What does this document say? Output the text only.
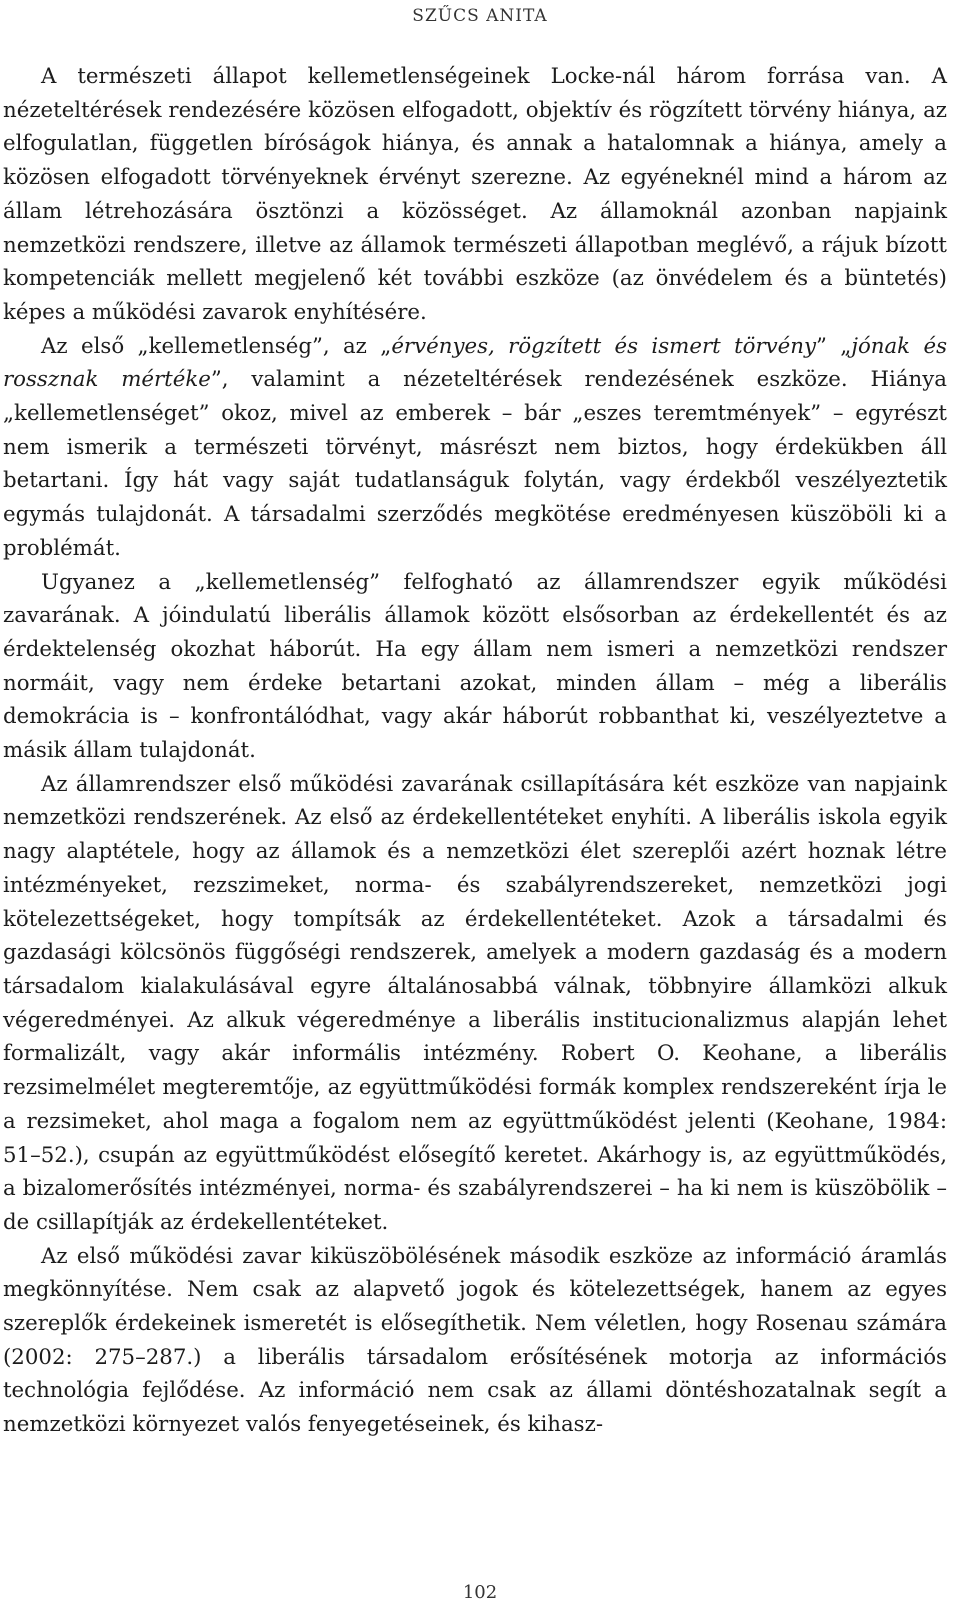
SZŰCS ANITA

A természeti állapot kellemetlenségeinek Locke-nál három forrása van. A nézeteltérések rendezésére közösen elfogadott, objektív és rögzített törvény hiánya, az elfogulatlan, független bíróságok hiánya, és annak a hatalomnak a hiánya, amely a közösen elfogadott törvényeknek érvényt szerezne. Az egyéneknél mind a három az állam létrehozására ösztönzi a közösséget. Az államoknál azonban napjaink nemzetközi rendszere, illetve az államok természeti állapotban meglévő, a rájuk bízott kompetenciák mellett megjelenő két további eszköze (az önvédelem és a büntetés) képes a működési zavarok enyhítésére.

Az első „kellemetlenség”, az „érvényes, rögzített és ismert törvény” „jónak és rossznak mértéke”, valamint a nézeteltérések rendezésének eszköze. Hiánya „kellemetlenséget” okoz, mivel az emberek – bár „eszes teremtmények” – egyrészt nem ismerik a természeti törvényt, másrészt nem biztos, hogy érdekükben áll betartani. Így hát vagy saját tudatlanságuk folytán, vagy érdekből veszélyeztetik egymás tulajdonát. A társadalmi szerződés megkötése eredményesen küszöböli ki a problémát.

Ugyanez a „kellemetlenség” felfogható az államrendszer egyik működési zavarának. A jóindulatú liberális államok között elsősorban az érdekellentét és az érdektelenség okozhat háborút. Ha egy állam nem ismeri a nemzetközi rendszer normáit, vagy nem érdeke betartani azokat, minden állam – még a liberális demokrácia is – konfrontálódhat, vagy akár háborút robbanthat ki, veszélyeztetve a másik állam tulajdonát.

Az államrendszer első működési zavarának csillapítására két eszköze van napjaink nemzetközi rendszerének. Az első az érdekellentéteket enyhíti. A liberális iskola egyik nagy alaptétele, hogy az államok és a nemzetközi élet szereplői azért hoznak létre intézményeket, rezszimeket, norma- és szabályrendszereket, nemzetközi jogi kötelezettségeket, hogy tompítsák az érdekellentéteket. Azok a társadalmi és gazdasági kölcsönös függőségi rendszerek, amelyek a modern gazdaság és a modern társadalom kialakulásával egyre általánosabbá válnak, többnyire államközi alkuk végeredményei. Az alkuk végeredménye a liberális institucionalizmus alapján lehet formalizált, vagy akár informális intézmény. Robert O. Keohane, a liberális rezsimelmélet megteremtője, az együttműködési formák komplex rendszereként írja le a rezsimeket, ahol maga a fogalom nem az együttműködést jelenti (Keohane, 1984: 51–52.), csupán az együttműködést elősegítő keretet. Akárhogy is, az együttműködés, a bizalomerősítés intézményei, norma- és szabályrendszerei – ha ki nem is küszöbölik – de csillapítják az érdekellentéteket.

Az első működési zavar kiküszöbölésének második eszköze az információ áramlás megkönnyítése. Nem csak az alapvető jogok és kötelezettségek, hanem az egyes szereplők érdekeinek ismeretét is elősegíthetik. Nem véletlen, hogy Rosenau számára (2002: 275–287.) a liberális társadalom erősítésének motorja az információs technológia fejlődése. Az információ nem csak az állami döntéshozatalnak segít a nemzetközi környezet valós fenyegetéseinek, és kihasz-

102
